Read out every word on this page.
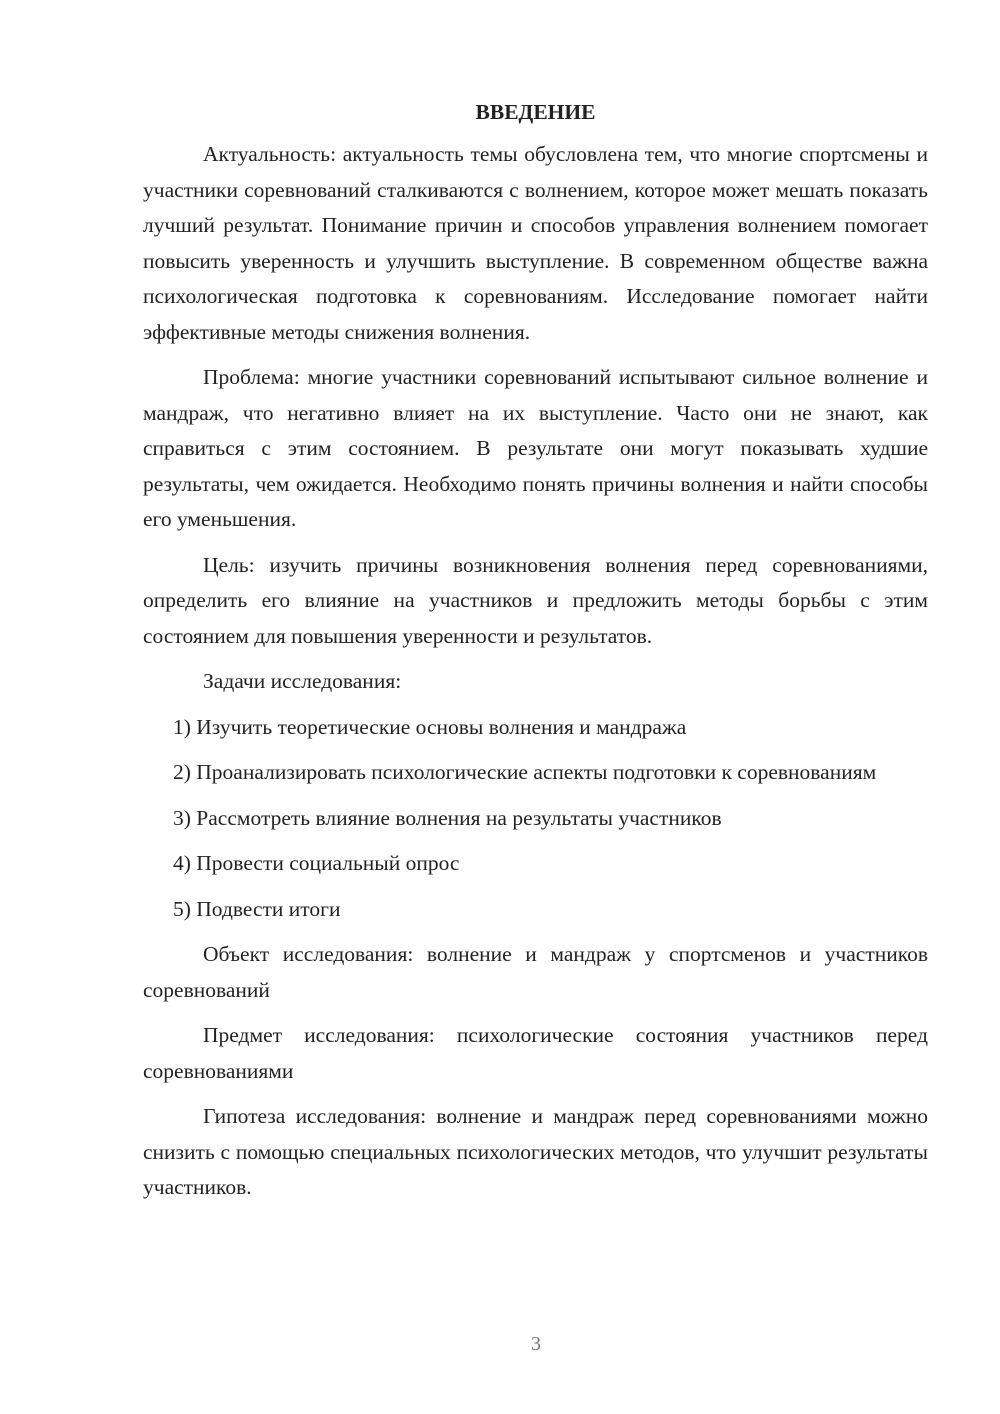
ВВЕДЕНИЕ

Актуальность: актуальность темы обусловлена тем, что многие спортсмены и участники соревнований сталкиваются с волнением, которое может мешать показать лучший результат. Понимание причин и способов управления волнением помогает повысить уверенность и улучшить выступление. В современном обществе важна психологическая подготовка к соревнованиям. Исследование помогает найти эффективные методы снижения волнения.

Проблема: многие участники соревнований испытывают сильное волнение и мандраж, что негативно влияет на их выступление. Часто они не знают, как справиться с этим состоянием. В результате они могут показывать худшие результаты, чем ожидается. Необходимо понять причины волнения и найти способы его уменьшения.

Цель: изучить причины возникновения волнения перед соревнованиями, определить его влияние на участников и предложить методы борьбы с этим состоянием для повышения уверенности и результатов.

Задачи исследования:

1) Изучить теоретические основы волнения и мандража

2) Проанализировать психологические аспекты подготовки к соревнованиям

3) Рассмотреть влияние волнения на результаты участников

4) Провести социальный опрос

5) Подвести итоги

Объект исследования: волнение и мандраж у спортсменов и участников соревнований

Предмет исследования: психологические состояния участников перед соревнованиями

Гипотеза исследования: волнение и мандраж перед соревнованиями можно снизить с помощью специальных психологических методов, что улучшит результаты участников.

3
